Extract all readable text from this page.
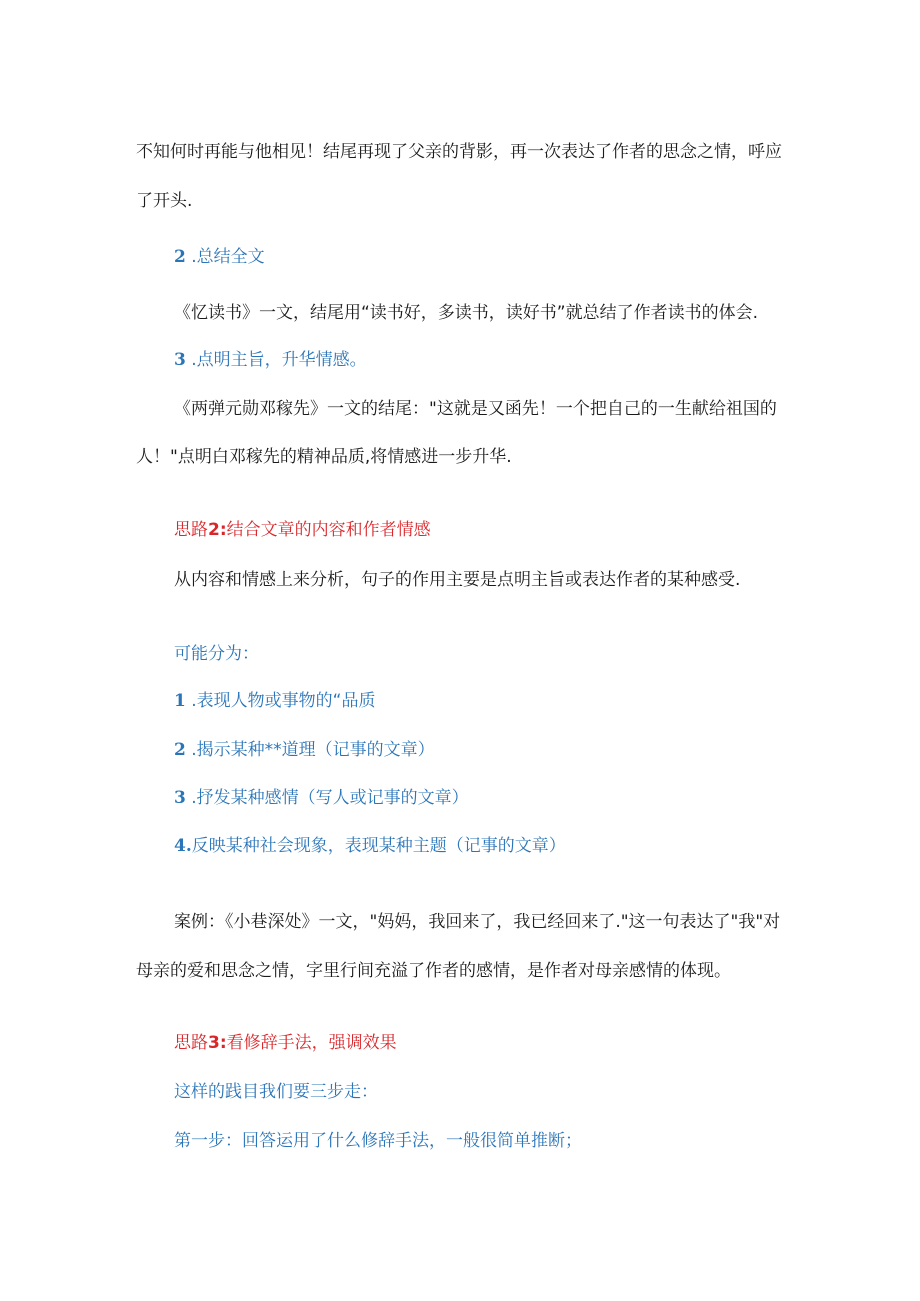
不知何时再能与他相见！结尾再现了父亲的背影，再一次表达了作者的思念之情，呼应
了开头.
2 .总结全文
《忆读书》一文，结尾用“读书好，多读书，读好书”就总结了作者读书的体会.
3 .点明主旨，升华情感。
《两弹元勋邓稼先》一文的结尾："这就是又函先！一个把自己的一生献给祖国的
人！"点明白邓稼先的精神品质,将情感进一步升华.
思路2:结合文章的内容和作者情感
从内容和情感上来分析，句子的作用主要是点明主旨或表达作者的某种感受.
可能分为：
1 .表现人物或事物的“品质
2 .揭示某种**道理（记事的文章）
3 .抒发某种感情（写人或记事的文章）
4.反映某种社会现象，表现某种主题（记事的文章）
案例：《小巷深处》一文，"妈妈，我回来了，我已经回来了."这一句表达了"我"对
母亲的爱和思念之情，字里行间充溢了作者的感情，是作者对母亲感情的体现。
思路3:看修辞手法，强调效果
这样的践目我们要三步走：
第一步：回答运用了什么修辞手法，一般很简单推断；
